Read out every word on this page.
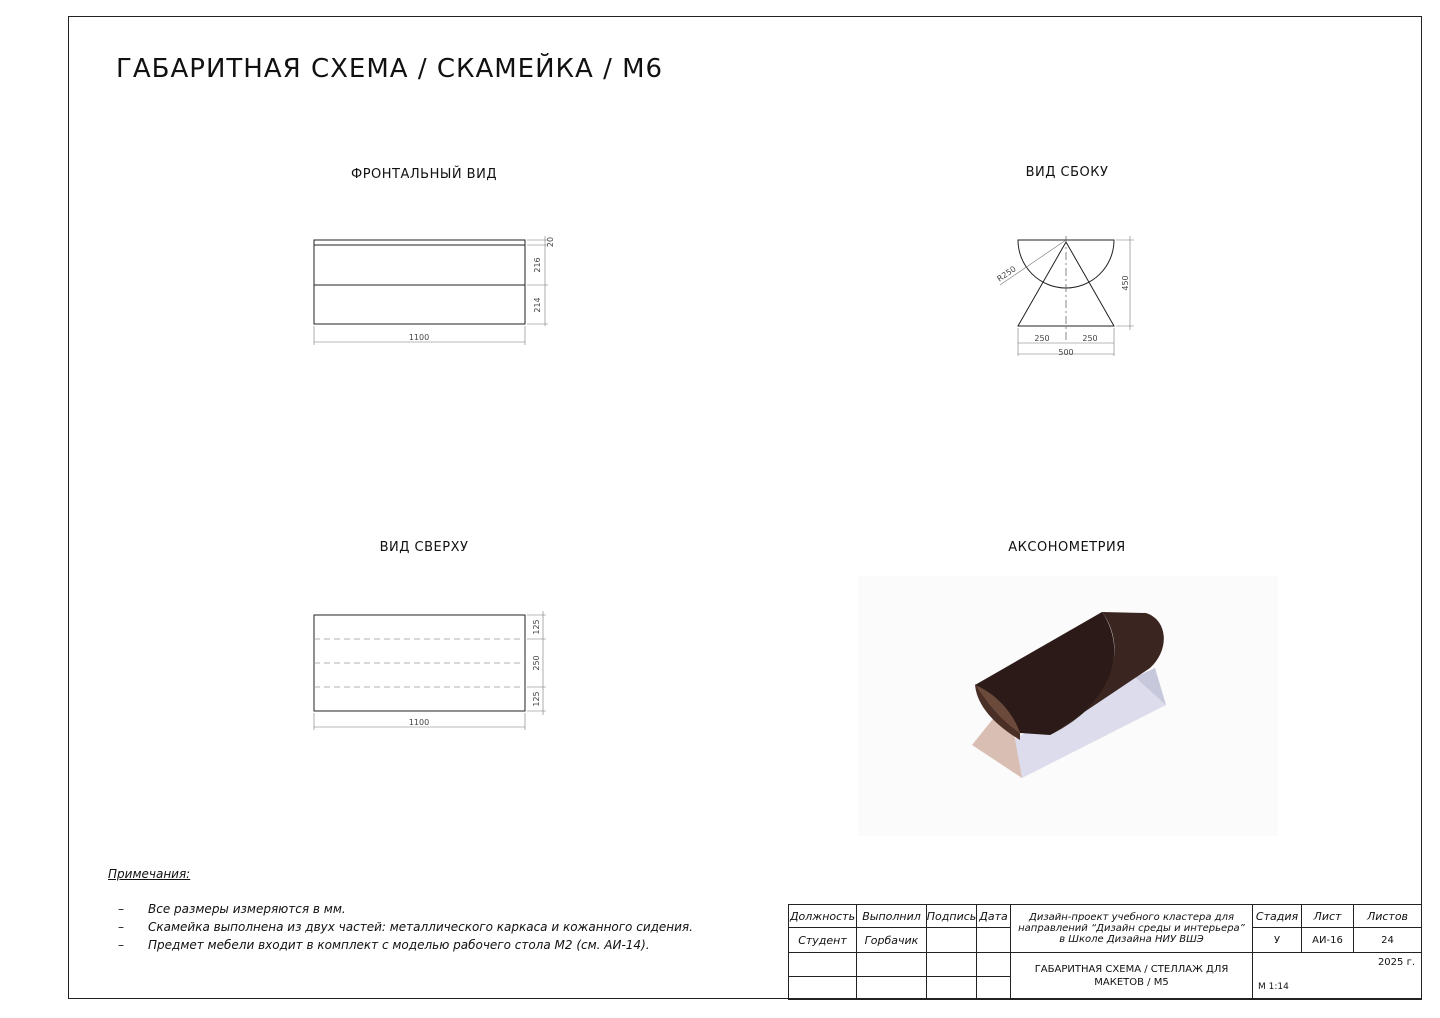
ГАБАРИТНАЯ СХЕМА / СКАМЕЙКА / М6
ФРОНТАЛЬНЫЙ ВИД	ВИД СБОКУ
ВИД СВЕРХУ	АКСОНОМЕТРИЯ
1100
20
216
214
R250	450
250	250
500
1100
125
250
125
Примечания:
– Все размеры измеряются в мм.
– Скамейка выполнена из двух частей: металлического каркаса и кожанного сидения.
– Предмет мебели входит в комплект с моделью рабочего стола М2 (см. АИ-14).
Должность Выполнил Подпись Дата
Студент	Горбачик
Дизайн-проект учебного кластера для направлений “Дизайн среды и интерьера” в Школе Дизайна НИУ ВШЭ
ГАБАРИТНАЯ СХЕМА / СТЕЛЛАЖ ДЛЯ МАКЕТОВ / М5
Стадия	Лист	Листов
У	АИ-16	24
2025 г.
М 1:14
